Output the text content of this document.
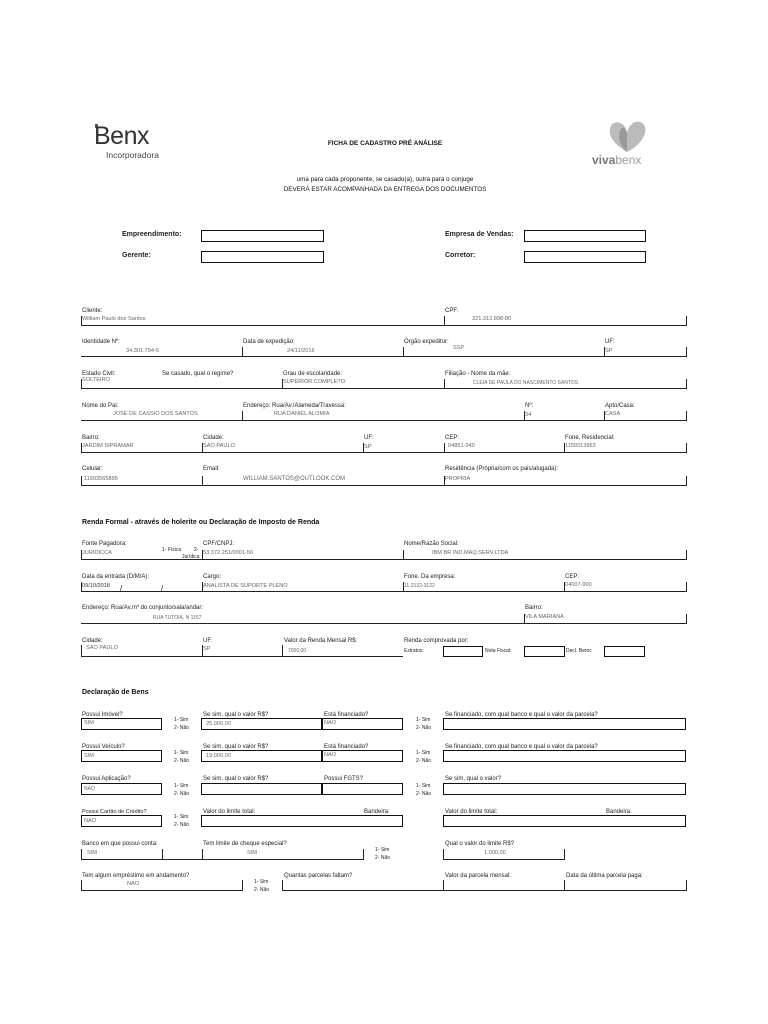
Benx
Incorporadora
FICHA DE CADASTRO PRÉ ANÁLISE
uma para cada proponente, se casado(a), outra para o conjuge
DEVERÁ ESTAR ACOMPANHADA DA ENTREGA DOS DOCUMENTOS
vivabenx
Empreendimento:
Gerente:
Empresa de Vendas:
Corretor:
Cliente:
William Paulo dos Santos
CPF:
321.312.898-80
Identidade Nº:
34.301.794-5
Data de expedição:
24/11/2016
Órgão expeditor:
SSP
UF:
SP
Estado Civil:
SOLTEIRO
Se casado, qual o regime?	Grau de escolaridade:
SUPERIOR COMPLETO
Filiação - Nome da mãe:
CLEIA DE PAULA DO NASCIMENTO SANTOS
Nome do Pai:
JOSE DE CASSIO DOS SANTOS
Endereço: Rua/Av./Alameda/Travessa:
RUA DANIEL ALOMIA
Nº:
34
Apto/Casa:
CASA
Bairro:
JARDIM SIPRAMAR
Cidade:
SAO PAULO
UF:
SP
CEP:
04851-340
Fone. Residencial:
1159313963
Celular:
11993565895
Email:
WILLIAM.SANTOS@OUTLOOK.COM
Residência (Própria/com os pais/alugada):
PROPRIA
Renda Formal - através de holerite ou Declaração de Imposto de Renda
Fonte Pagadora:
JURIDICCA	1- Física	2-
Jurídica
CPF/CNPJ:
53.372.251/0001-56
Nome/Razão Social:
IBM BR IND.MAQ.SERV.LTDA
Data da entrada (D/M/A):
09/10/2018 /	/
Cargo:
ANALISTA DE SUPORTE PLENO
Fone. Da empresa:
11-2132-3122
CEP:
04007-900
Endereço: Rua/Av./nº do conjunto/sala/andar:
RUA TUTOIA, N 1157
Bairro:
VILA MARIANA
Cidade:
SAO PAULO
UF:
SP
Valor da Renda Mensal R$:
7000,00
Renda comprovada por:
Extratos:	Nota Fiscal:	Decl. Beroc
Declaração de Bens
Possui Imóvel?
SIM	1- Sim
2- Não
Se sim, qual o valor R$?
25.000,00
Está financiado?
NAO	1- Sim
2- Não
Se financiado, com qual banco e qual o valor da parcela?
Possui Veículo?
SIM	1- Sim
2- Não
Se sim, qual o valor R$?
19.000,00
Está financiado?
NAO	1- Sim
2- Não
Se financiado, com qual banco e qual o valor da parcela?
Possui Aplicação?
NAO	1- Sim
2- Não
Se sim, qual o valor R$?	Possui FGTS?
1- Sim
2- Não
Se sim, qual o valor?
Possui Cartão de Crédito?
NAO
1- Sim
2- Não
Valor do limite total:	Bandeira:	Valor do limite total:	Bandeira:
Banco em que possui conta:
SIM
Tem limite de cheque especial?
SIM	1- Sim
2- Não
Qual o valor do limite R$?
1.000,00
Tem algum empréstimo em andamento?
NAO	1- Sim
2- Não
Quantas parcelas faltam?	Valor da parcela mensal:	Data da última parcela paga:
